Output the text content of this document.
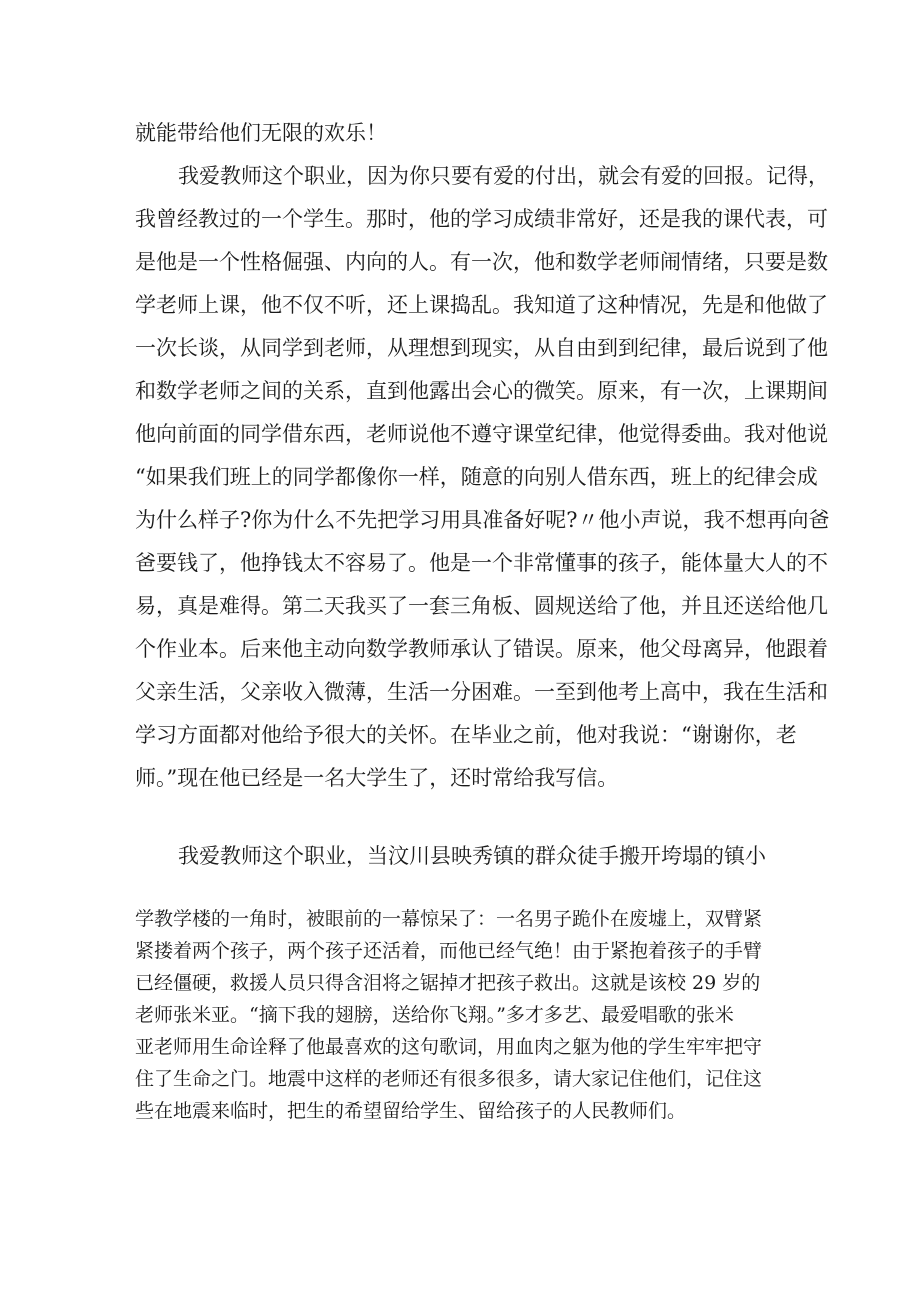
就能带给他们无限的欢乐！
我爱教师这个职业，因为你只要有爱的付出，就会有爱的回报。记得，
我曾经教过的一个学生。那时，他的学习成绩非常好，还是我的课代表，可
是他是一个性格倔强、内向的人。有一次，他和数学老师闹情绪，只要是数
学老师上课，他不仅不听，还上课捣乱。我知道了这种情况，先是和他做了
一次长谈，从同学到老师，从理想到现实，从自由到到纪律，最后说到了他
和数学老师之间的关系，直到他露出会心的微笑。原来，有一次，上课期间
他向前面的同学借东西，老师说他不遵守课堂纪律，他觉得委曲。我对他说
“如果我们班上的同学都像你一样，随意的向别人借东西，班上的纪律会成
为什么样子?你为什么不先把学习用具准备好呢?〃他小声说，我不想再向爸
爸要钱了，他挣钱太不容易了。他是一个非常懂事的孩子，能体量大人的不
易，真是难得。第二天我买了一套三角板、圆规送给了他，并且还送给他几
个作业本。后来他主动向数学教师承认了错误。原来，他父母离异，他跟着
父亲生活，父亲收入微薄，生活一分困难。一至到他考上高中，我在生活和
学习方面都对他给予很大的关怀。在毕业之前，他对我说：“谢谢你，老
师。”现在他已经是一名大学生了，还时常给我写信。
我爱教师这个职业，当汶川县映秀镇的群众徒手搬开垮塌的镇小
学教学楼的一角时，被眼前的一幕惊呆了：一名男子跪仆在废墟上，双臂紧
紧搂着两个孩子，两个孩子还活着，而他已经气绝！由于紧抱着孩子的手臂
已经僵硬，救援人员只得含泪将之锯掉才把孩子救出。这就是该校 29 岁的
老师张米亚。“摘下我的翅膀，送给你飞翔。”多才多艺、最爱唱歌的张米
亚老师用生命诠释了他最喜欢的这句歌词，用血肉之躯为他的学生牢牢把守
住了生命之门。地震中这样的老师还有很多很多，请大家记住他们，记住这
些在地震来临时，把生的希望留给学生、留给孩子的人民教师们。
